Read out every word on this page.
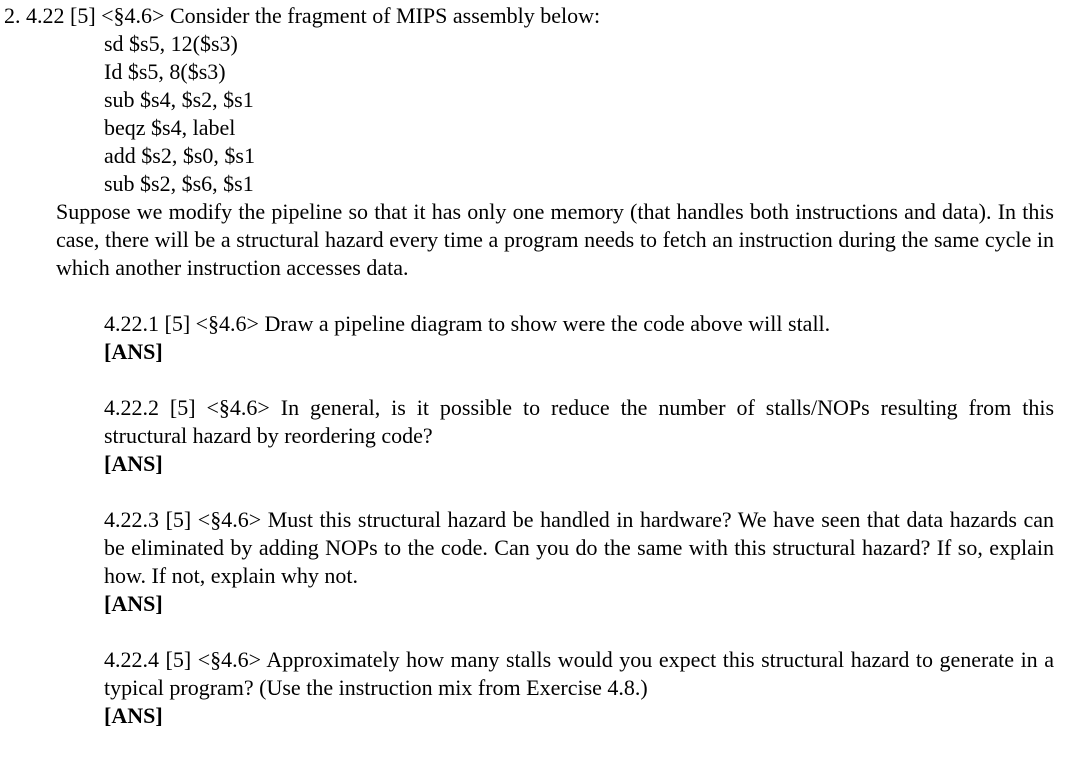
2. 4.22 [5] <§4.6> Consider the fragment of MIPS assembly below:
sd $s5, 12($s3)
Id $s5, 8($s3)
sub $s4, $s2, $s1
beqz $s4, label
add $s2, $s0, $s1
sub $s2, $s6, $s1

Suppose we modify the pipeline so that it has only one memory (that handles both instructions and data). In this case, there will be a structural hazard every time a program needs to fetch an instruction during the same cycle in which another instruction accesses data.

4.22.1 [5] <§4.6> Draw a pipeline diagram to show were the code above will stall.

[ANS]

4.22.2 [5] <§4.6> In general, is it possible to reduce the number of stalls/NOPs resulting from this structural hazard by reordering code?

[ANS]

4.22.3 [5] <§4.6> Must this structural hazard be handled in hardware? We have seen that data hazards can be eliminated by adding NOPs to the code. Can you do the same with this structural hazard? If so, explain how. If not, explain why not.

[ANS]

4.22.4 [5] <§4.6> Approximately how many stalls would you expect this structural hazard to generate in a typical program? (Use the instruction mix from Exercise 4.8.)

[ANS]
